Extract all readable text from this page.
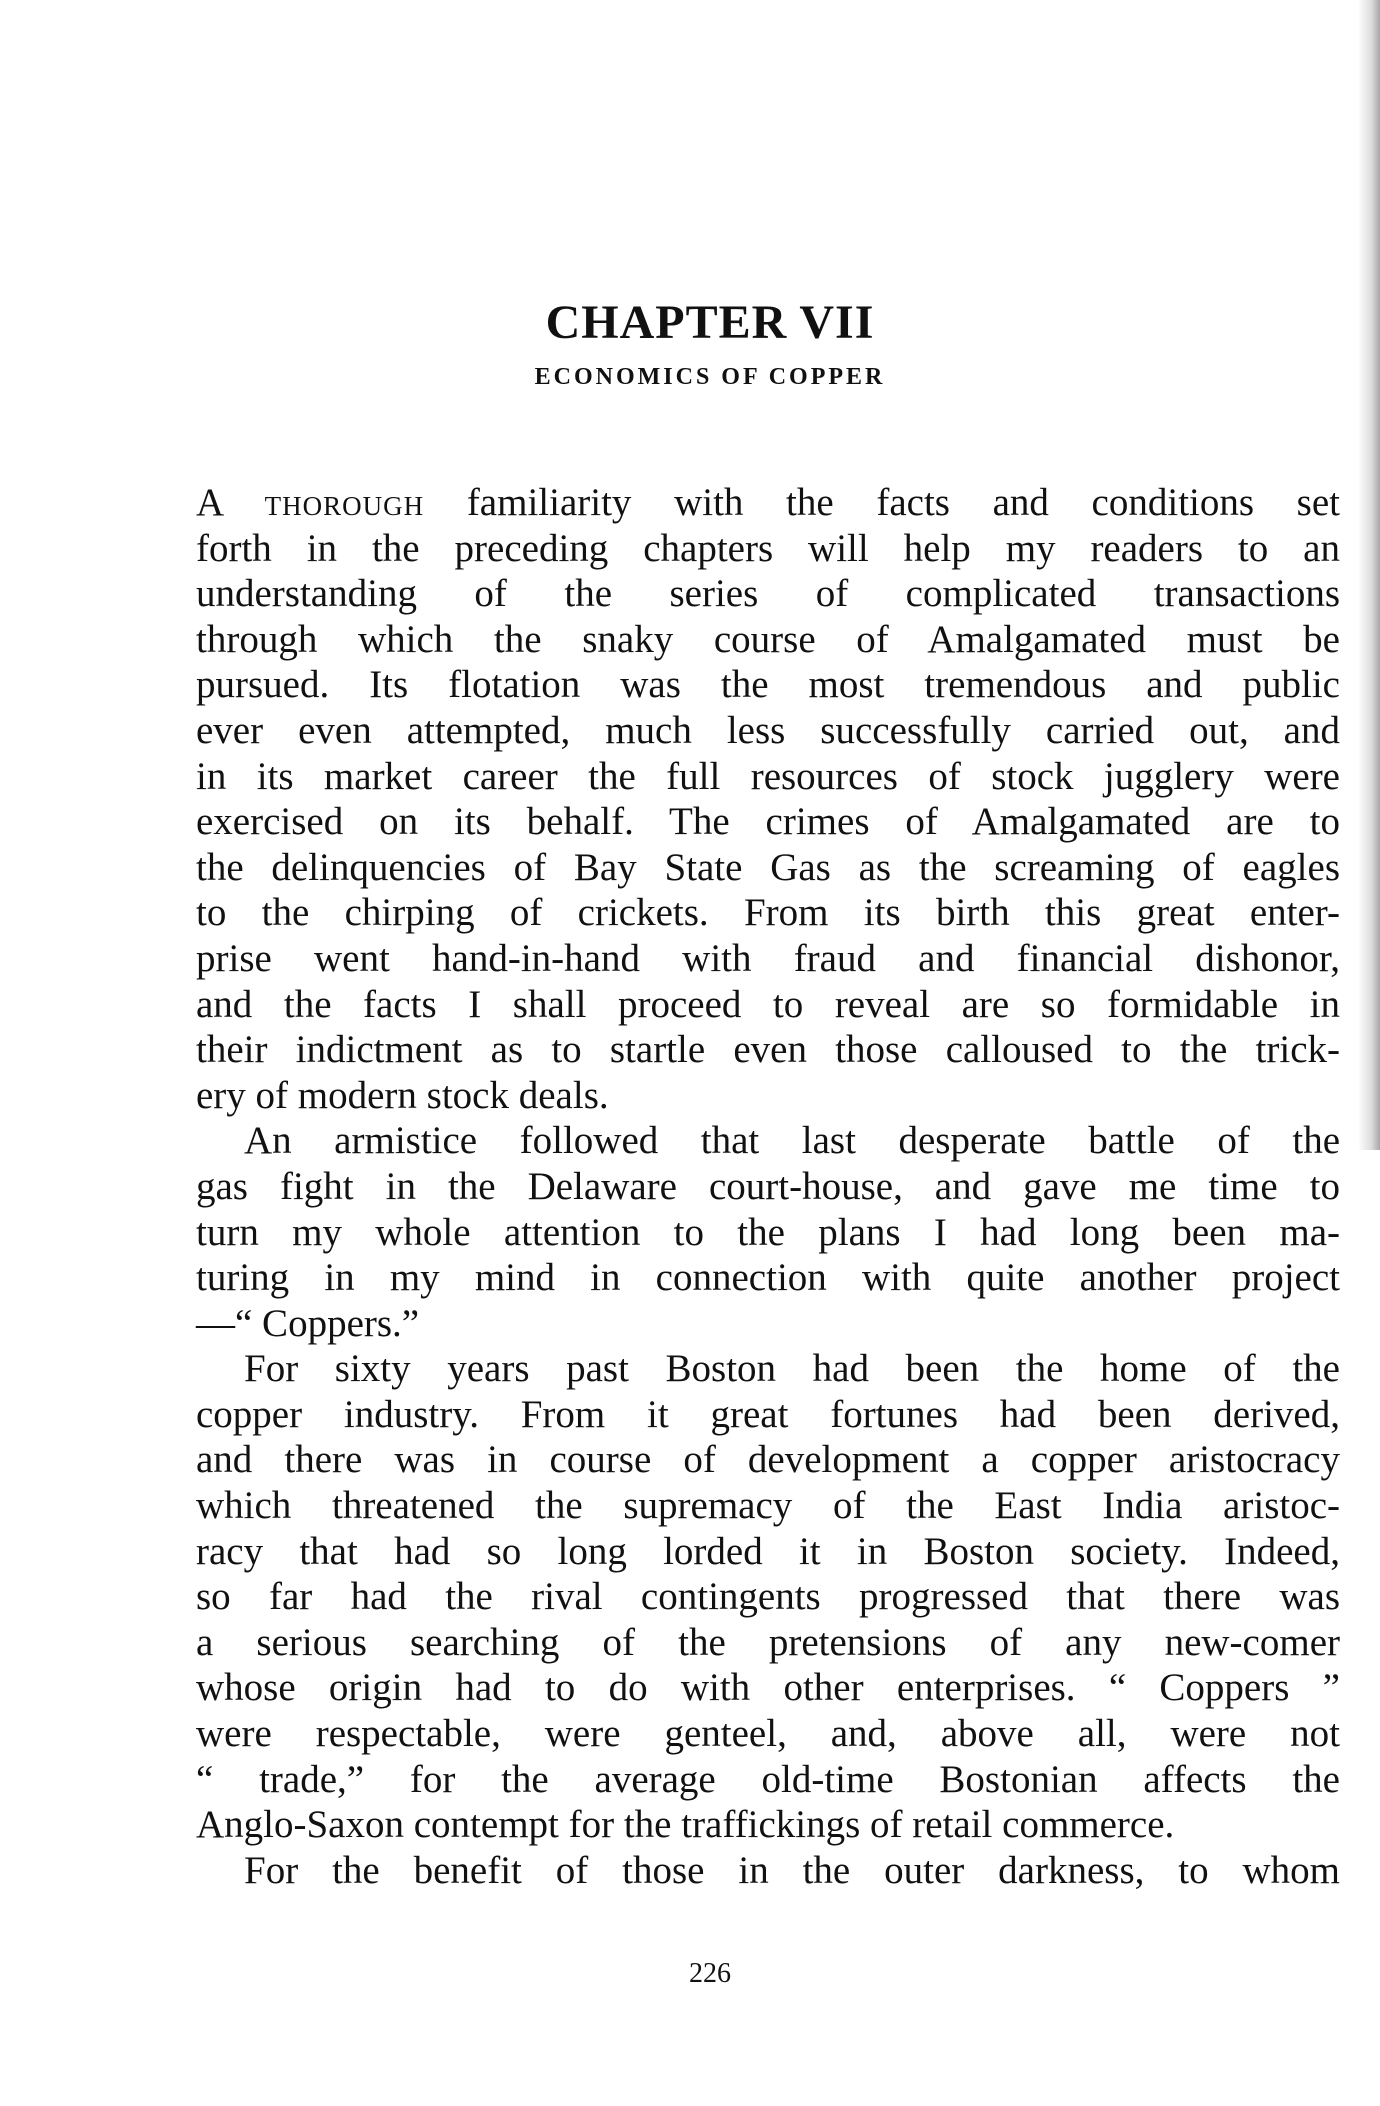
CHAPTER VII
ECONOMICS OF COPPER
A thorough familiarity with the facts and conditions set
forth in the preceding chapters will help my readers to an
understanding of the series of complicated transactions
through which the snaky course of Amalgamated must be
pursued. Its flotation was the most tremendous and public
ever even attempted, much less successfully carried out, and
in its market career the full resources of stock jugglery were
exercised on its behalf. The crimes of Amalgamated are to
the delinquencies of Bay State Gas as the screaming of eagles
to the chirping of crickets. From its birth this great enter-
prise went hand-in-hand with fraud and financial dishonor,
and the facts I shall proceed to reveal are so formidable in
their indictment as to startle even those calloused to the trick-
ery of modern stock deals.
An armistice followed that last desperate battle of the
gas fight in the Delaware court-house, and gave me time to
turn my whole attention to the plans I had long been ma-
turing in my mind in connection with quite another project
—“ Coppers.”
For sixty years past Boston had been the home of the
copper industry. From it great fortunes had been derived,
and there was in course of development a copper aristocracy
which threatened the supremacy of the East India aristoc-
racy that had so long lorded it in Boston society. Indeed,
so far had the rival contingents progressed that there was
a serious searching of the pretensions of any new-comer
whose origin had to do with other enterprises. “ Coppers ”
were respectable, were genteel, and, above all, were not
“ trade,” for the average old-time Bostonian affects the
Anglo-Saxon contempt for the traffickings of retail commerce.
For the benefit of those in the outer darkness, to whom
226
